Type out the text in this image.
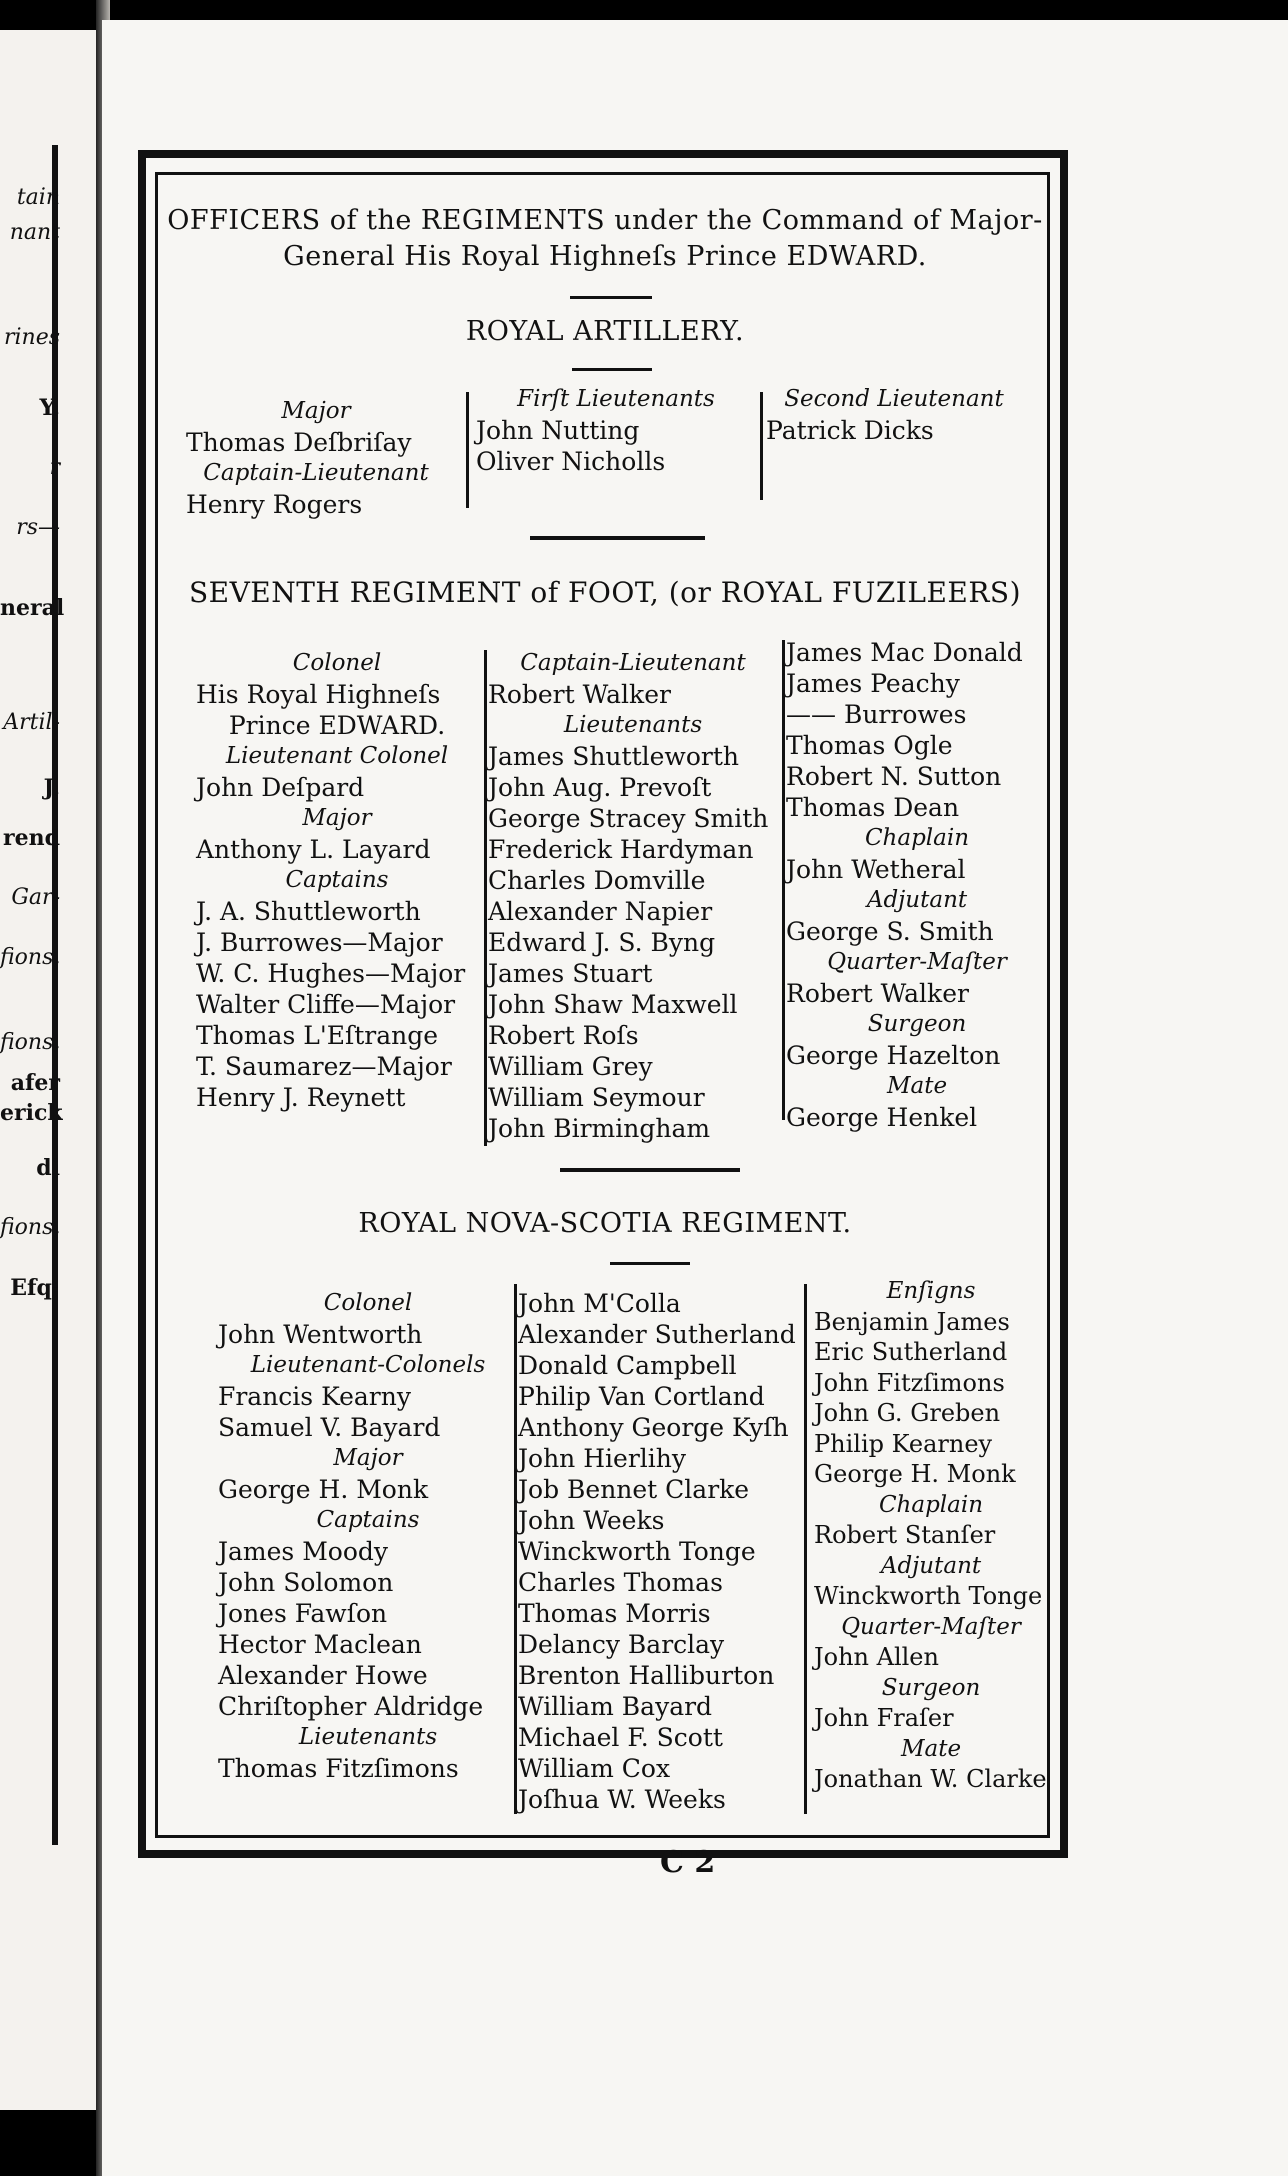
tain
nant
rines
Y.
r
rs—
neral
Artil-
J.
rend
Gar-
fions,
fions,
afer
erick
di
fions,
Efq;
OFFICERS of the REGIMENTS under the Command of Major-
General His Royal Highneſs Prince EDWARD.
ROYAL ARTILLERY.
Major
Thomas Deſbriſay
Captain-Lieutenant
Henry Rogers
Firſt Lieutenants
John Nutting
Oliver Nicholls
Second Lieutenant
Patrick Dicks
SEVENTH REGIMENT of FOOT, (or ROYAL FUZILEERS)
Colonel
His Royal Highneſs
Prince EDWARD.
Lieutenant Colonel
John Deſpard
Major
Anthony L. Layard
Captains
J. A. Shuttleworth
J. Burrowes—Major
W. C. Hughes—Major
Walter Cliffe—Major
Thomas L'Eſtrange
T. Saumarez—Major
Henry J. Reynett
Captain-Lieutenant
Robert Walker
Lieutenants
James Shuttleworth
John Aug. Prevoſt
George Stracey Smith
Frederick Hardyman
Charles Domville
Alexander Napier
Edward J. S. Byng
James Stuart
John Shaw Maxwell
Robert Roſs
William Grey
William Seymour
John Birmingham
James Mac Donald
James Peachy
—— Burrowes
Thomas Ogle
Robert N. Sutton
Thomas Dean
Chaplain
John Wetheral
Adjutant
George S. Smith
Quarter-Maſter
Robert Walker
Surgeon
George Hazelton
Mate
George Henkel
ROYAL NOVA-SCOTIA REGIMENT.
Colonel
John Wentworth
Lieutenant-Colonels
Francis Kearny
Samuel V. Bayard
Major
George H. Monk
Captains
James Moody
John Solomon
Jones Fawſon
Hector Maclean
Alexander Howe
Chriſtopher Aldridge
Lieutenants
Thomas Fitzſimons
John M'Colla
Alexander Sutherland
Donald Campbell
Philip Van Cortland
Anthony George Kyſh
John Hierlihy
Job Bennet Clarke
John Weeks
Winckworth Tonge
Charles Thomas
Thomas Morris
Delancy Barclay
Brenton Halliburton
William Bayard
Michael F. Scott
William Cox
Joſhua W. Weeks
Enſigns
Benjamin James
Eric Sutherland
John Fitzſimons
John G. Greben
Philip Kearney
George H. Monk
Chaplain
Robert Stanſer
Adjutant
Winckworth Tonge
Quarter-Maſter
John Allen
Surgeon
John Fraſer
Mate
Jonathan W. Clarke
C 2
